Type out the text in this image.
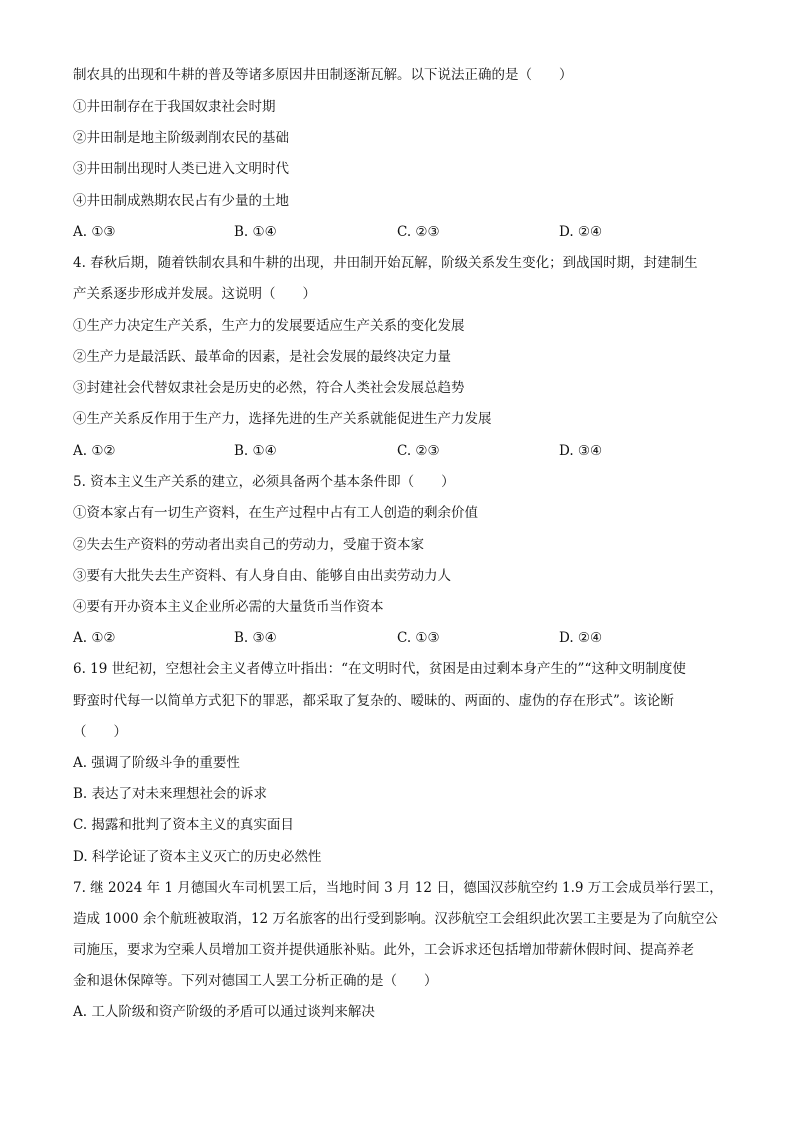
制农具的出现和牛耕的普及等诸多原因井田制逐渐瓦解。以下说法正确的是（　　）
①井田制存在于我国奴隶社会时期
②井田制是地主阶级剥削农民的基础
③井田制出现时人类已进入文明时代
④井田制成熟期农民占有少量的土地
A. ①③	B. ①④	C. ②③	D. ②④
4. 春秋后期，随着铁制农具和牛耕的出现，井田制开始瓦解，阶级关系发生变化；到战国时期，封建制生
产关系逐步形成并发展。这说明（　　）
①生产力决定生产关系，生产力的发展要适应生产关系的变化发展
②生产力是最活跃、最革命的因素，是社会发展的最终决定力量
③封建社会代替奴隶社会是历史的必然，符合人类社会发展总趋势
④生产关系反作用于生产力，选择先进的生产关系就能促进生产力发展
A. ①②	B. ①④	C. ②③	D. ③④
5. 资本主义生产关系的建立，必须具备两个基本条件即（　　）
①资本家占有一切生产资料，在生产过程中占有工人创造的剩余价值
②失去生产资料的劳动者出卖自己的劳动力，受雇于资本家
③要有大批失去生产资料、有人身自由、能够自由出卖劳动力人
④要有开办资本主义企业所必需的大量货币当作资本
A. ①②	B. ③④	C. ①③	D. ②④
6. 19 世纪初，空想社会主义者傅立叶指出：“在文明时代，贫困是由过剩本身产生的”“这种文明制度使
野蛮时代每一以简单方式犯下的罪恶，都采取了复杂的、暧昧的、两面的、虚伪的存在形式”。该论断
（　　）
A. 强调了阶级斗争的重要性
B. 表达了对未来理想社会的诉求
C. 揭露和批判了资本主义的真实面目
D. 科学论证了资本主义灭亡的历史必然性
7. 继 2024 年 1 月德国火车司机罢工后，当地时间 3 月 12 日，德国汉莎航空约 1.9 万工会成员举行罢工，
造成 1000 余个航班被取消，12 万名旅客的出行受到影响。汉莎航空工会组织此次罢工主要是为了向航空公
司施压，要求为空乘人员增加工资并提供通胀补贴。此外，工会诉求还包括增加带薪休假时间、提高养老
金和退休保障等。下列对德国工人罢工分析正确的是（　　）
A. 工人阶级和资产阶级的矛盾可以通过谈判来解决
